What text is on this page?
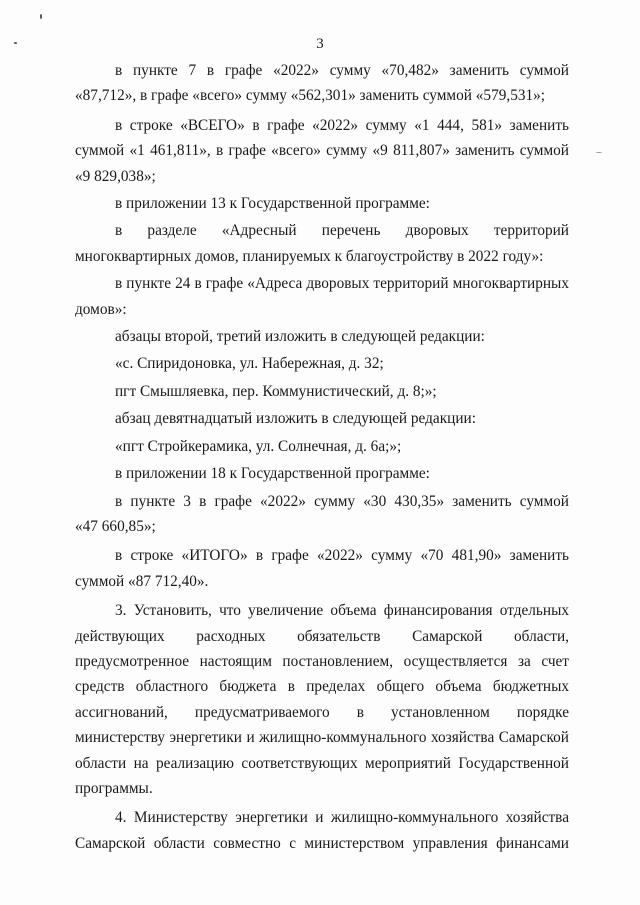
3
в пункте 7 в графе «2022» сумму «70,482» заменить суммой
«87,712», в графе «всего» сумму «562,301» заменить суммой «579,531»;
в строке «ВСЕГО» в графе «2022» сумму «1 444, 581» заменить
суммой «1 461,811», в графе «всего» сумму «9 811,807» заменить суммой
«9 829,038»;
в приложении 13 к Государственной программе:
в разделе «Адресный перечень дворовых территорий
многоквартирных домов, планируемых к благоустройству в 2022 году»:
в пункте 24 в графе «Адреса дворовых территорий многоквартирных
домов»:
абзацы второй, третий изложить в следующей редакции:
«с. Спиридоновка, ул. Набережная, д. 32;
пгт Смышляевка, пер. Коммунистический, д. 8;»;
абзац девятнадцатый изложить в следующей редакции:
«пгт Стройкерамика, ул. Солнечная, д. 6а;»;
в приложении 18 к Государственной программе:
в пункте 3 в графе «2022» сумму «30 430,35» заменить суммой
«47 660,85»;
в строке «ИТОГО» в графе «2022» сумму «70 481,90» заменить
суммой «87 712,40».
3. Установить, что увеличение объема финансирования отдельных
действующих расходных обязательств Самарской области,
предусмотренное настоящим постановлением, осуществляется за счет
средств областного бюджета в пределах общего объема бюджетных
ассигнований, предусматриваемого в установленном порядке
министерству энергетики и жилищно-коммунального хозяйства Самарской
области на реализацию соответствующих мероприятий Государственной
программы.
4. Министерству энергетики и жилищно-коммунального хозяйства
Самарской области совместно с министерством управления финансами
